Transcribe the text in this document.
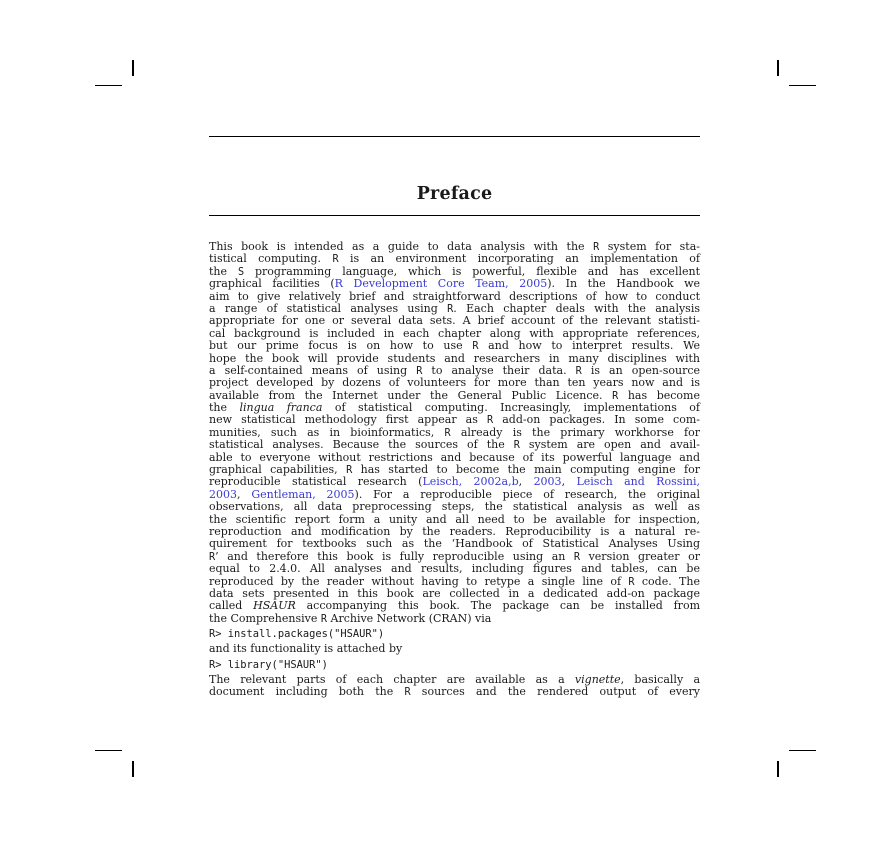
Preface
This book is intended as a guide to data analysis with the R system for sta-
tistical computing. R is an environment incorporating an implementation of
the S programming language, which is powerful, flexible and has excellent
graphical facilities (R Development Core Team, 2005). In the Handbook we
aim to give relatively brief and straightforward descriptions of how to conduct
a range of statistical analyses using R. Each chapter deals with the analysis
appropriate for one or several data sets. A brief account of the relevant statisti-
cal background is included in each chapter along with appropriate references,
but our prime focus is on how to use R and how to interpret results. We
hope the book will provide students and researchers in many disciplines with
a self-contained means of using R to analyse their data. R is an open-source
project developed by dozens of volunteers for more than ten years now and is
available from the Internet under the General Public Licence. R has become
the lingua franca of statistical computing. Increasingly, implementations of
new statistical methodology first appear as R add-on packages. In some com-
munities, such as in bioinformatics, R already is the primary workhorse for
statistical analyses. Because the sources of the R system are open and avail-
able to everyone without restrictions and because of its powerful language and
graphical capabilities, R has started to become the main computing engine for
reproducible statistical research (Leisch, 2002a,b, 2003, Leisch and Rossini,
2003, Gentleman, 2005). For a reproducible piece of research, the original
observations, all data preprocessing steps, the statistical analysis as well as
the scientific report form a unity and all need to be available for inspection,
reproduction and modification by the readers. Reproducibility is a natural re-
quirement for textbooks such as the ‘Handbook of Statistical Analyses Using
R’ and therefore this book is fully reproducible using an R version greater or
equal to 2.4.0. All analyses and results, including figures and tables, can be
reproduced by the reader without having to retype a single line of R code. The
data sets presented in this book are collected in a dedicated add-on package
called HSAUR accompanying this book. The package can be installed from
the Comprehensive R Archive Network (CRAN) via
R> install.packages("HSAUR")
and its functionality is attached by
R> library("HSAUR")
The relevant parts of each chapter are available as a vignette, basically a
document including both the R sources and the rendered output of every
